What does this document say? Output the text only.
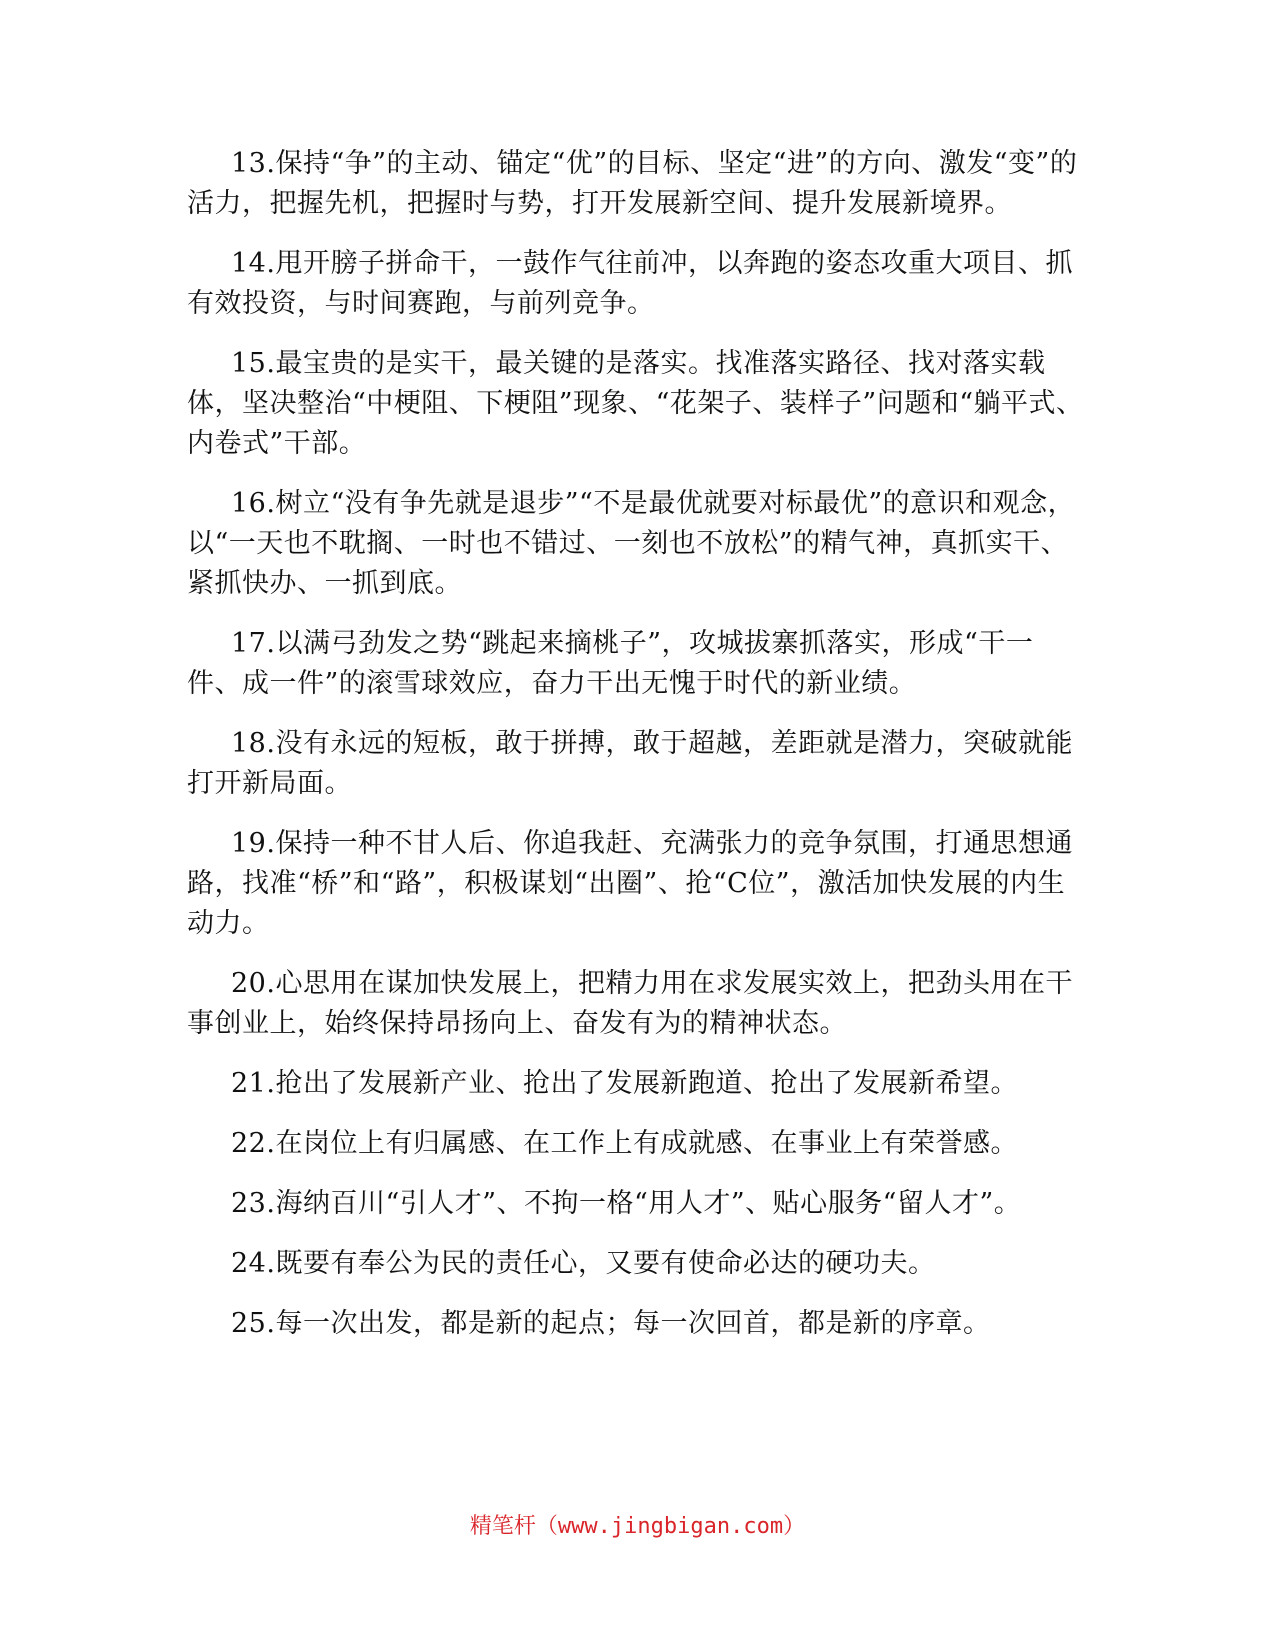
13.保持“争”的主动、锚定“优”的目标、坚定“进”的方向、激发“变”的活力，把握先机，把握时与势，打开发展新空间、提升发展新境界。

14.甩开膀子拼命干，一鼓作气往前冲，以奔跑的姿态攻重大项目、抓有效投资，与时间赛跑，与前列竞争。

15.最宝贵的是实干，最关键的是落实。找准落实路径、找对落实载体，坚决整治“中梗阻、下梗阻”现象、“花架子、装样子”问题和“躺平式、内卷式”干部。

16.树立“没有争先就是退步”“不是最优就要对标最优”的意识和观念，以“一天也不耽搁、一时也不错过、一刻也不放松”的精气神，真抓实干、紧抓快办、一抓到底。

17.以满弓劲发之势“跳起来摘桃子”，攻城拔寨抓落实，形成“干一件、成一件”的滚雪球效应，奋力干出无愧于时代的新业绩。

18.没有永远的短板，敢于拼搏，敢于超越，差距就是潜力，突破就能打开新局面。

19.保持一种不甘人后、你追我赶、充满张力的竞争氛围，打通思想通路，找准“桥”和“路”，积极谋划“出圈”、抢“C位”，激活加快发展的内生动力。

20.心思用在谋加快发展上，把精力用在求发展实效上，把劲头用在干事创业上，始终保持昂扬向上、奋发有为的精神状态。

21.抢出了发展新产业、抢出了发展新跑道、抢出了发展新希望。

22.在岗位上有归属感、在工作上有成就感、在事业上有荣誉感。

23.海纳百川“引人才”、不拘一格“用人才”、贴心服务“留人才”。

24.既要有奉公为民的责任心，又要有使命必达的硬功夫。

25.每一次出发，都是新的起点；每一次回首，都是新的序章。

精笔杆（www.jingbigan.com）
